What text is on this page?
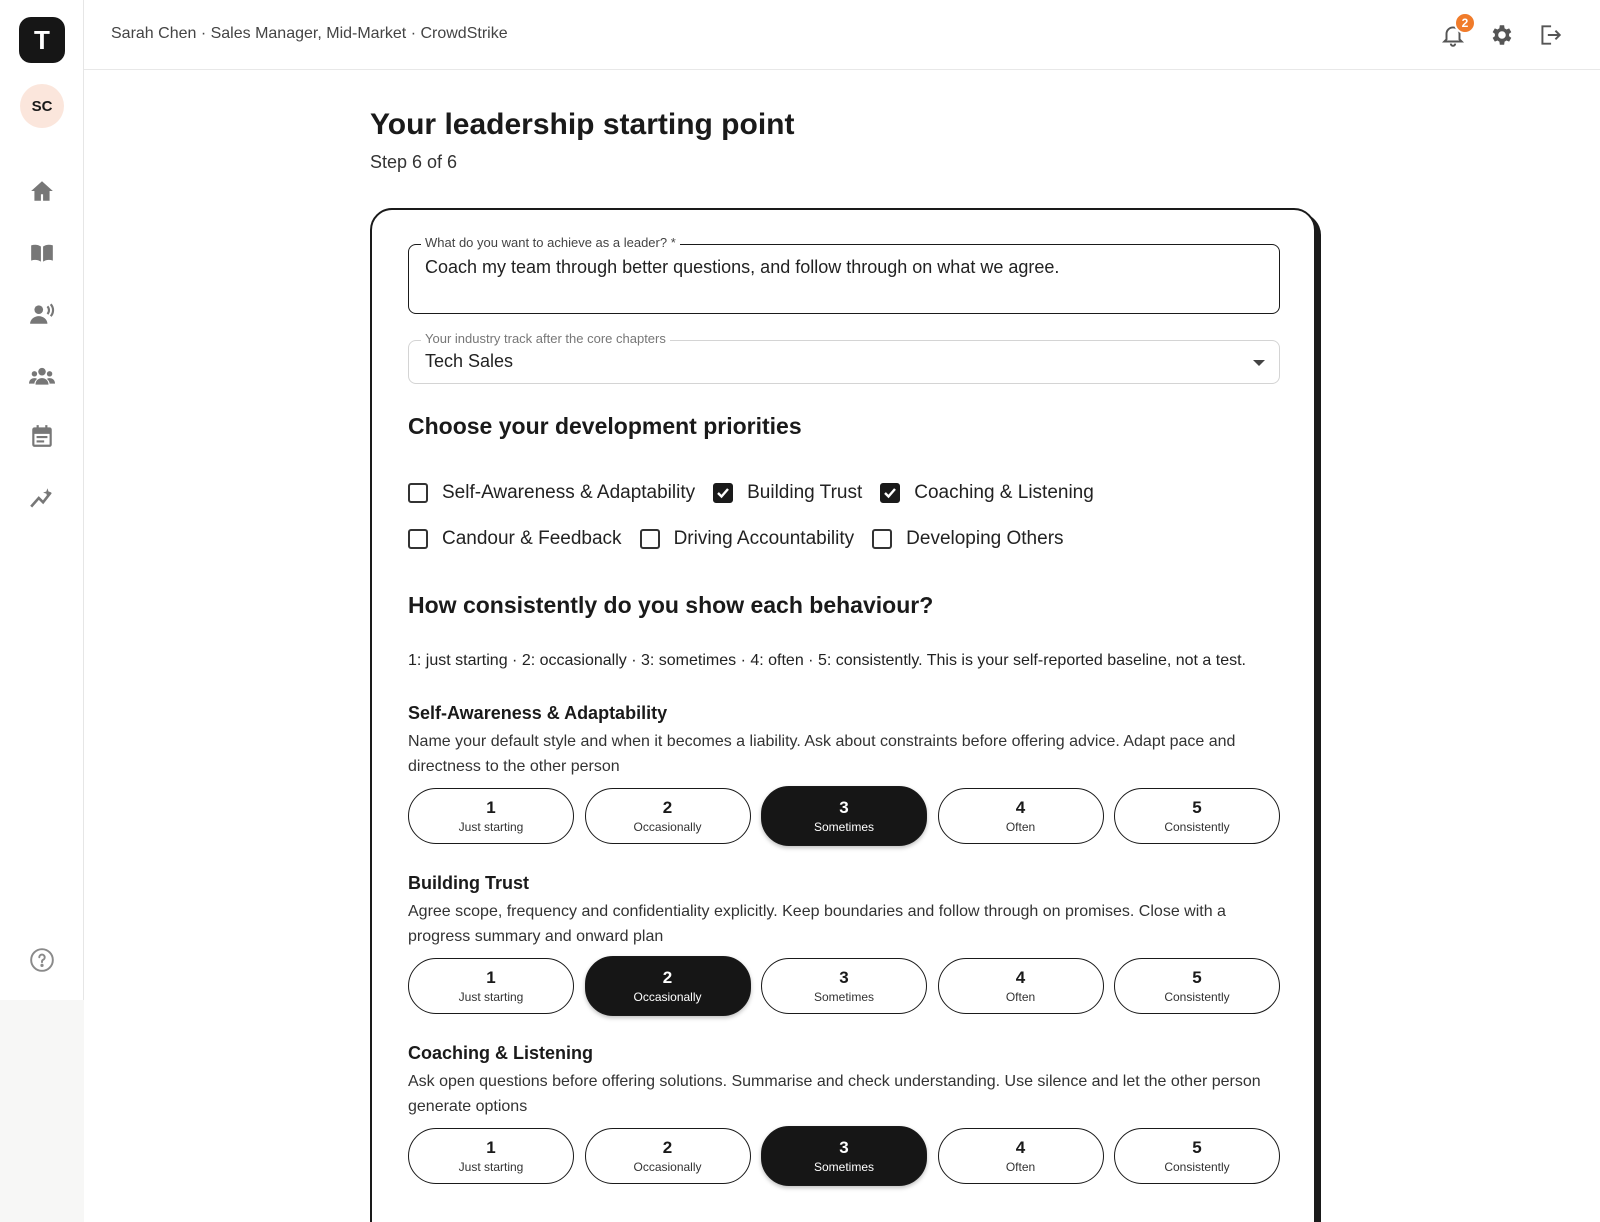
T
SC
Sarah Chen · Sales Manager, Mid-Market · CrowdStrike
2
Your leadership starting point
Step 6 of 6
What do you want to achieve as a leader? *
Coach my team through better questions, and follow through on what we agree.
Your industry track after the core chapters
Tech Sales
Choose your development priorities
Self-Awareness & Adaptability	Building Trust	Coaching & Listening
Candour & Feedback	Driving Accountability	Developing Others
How consistently do you show each behaviour?

1: just starting · 2: occasionally · 3: sometimes · 4: often · 5: consistently. This is your self-reported baseline, not a test.

Self-Awareness & Adaptability

Name your default style and when it becomes a liability. Ask about constraints before offering advice. Adapt pace and directness to the other person

1
Just starting
2
Occasionally
3
Sometimes
4
Often
5
Consistently
Building Trust

Agree scope, frequency and confidentiality explicitly. Keep boundaries and follow through on promises. Close with a progress summary and onward plan

1
Just starting
2
Occasionally
3
Sometimes
4
Often
5
Consistently
Coaching & Listening

Ask open questions before offering solutions. Summarise and check understanding. Use silence and let the other person generate options

1
Just starting
2
Occasionally
3
Sometimes
4
Often
5
Consistently
